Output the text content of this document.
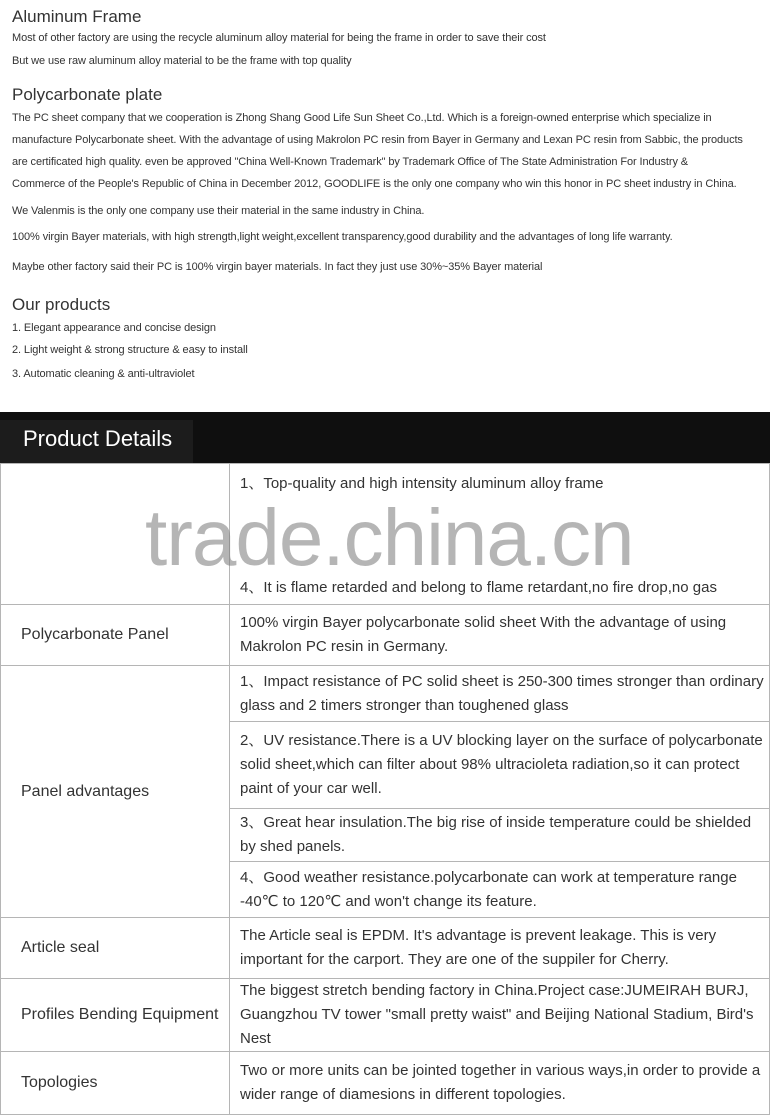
Aluminum Frame
Most of other factory are using the recycle aluminum alloy material for being the frame in order to save their cost
But we use raw aluminum alloy material to be the frame with top quality
Polycarbonate plate
The PC sheet company that we cooperation is Zhong Shang Good Life Sun Sheet Co.,Ltd. Which is a foreign-owned enterprise which specialize in
manufacture Polycarbonate sheet. With the advantage of using Makrolon PC resin from Bayer in Germany and Lexan PC resin from Sabbic, the products
are certificated high quality. even be approved "China Well-Known Trademark" by Trademark Office of The State Administration For Industry &
Commerce of the People's Republic of China in December 2012, GOODLIFE is the only one company who win this honor in PC sheet industry in China.
We Valenmis is the only one company use their material in the same industry in China.
100% virgin Bayer materials, with high strength,light weight,excellent transparency,good durability and the advantages of long life warranty.
Maybe other factory said their PC is 100% virgin bayer materials. In fact they just use 30%~35% Bayer material
Our products
1. Elegant appearance and concise design
2. Light weight & strong structure & easy to install
3. Automatic cleaning & anti-ultraviolet
Product Details

	1、Top-quality and high intensity aluminum alloy frame
4、It is flame retarded and belong to flame retardant,no fire drop,no gas

Polycarbonate Panel	100% virgin Bayer polycarbonate solid sheet With the advantage of using Makrolon PC resin in Germany.
Panel advantages	1、Impact resistance of PC solid sheet is 250-300 times stronger than ordinary glass and 2 timers stronger than toughened glass
	2、UV resistance.There is a UV blocking layer on the surface of polycarbonate solid sheet,which can filter about 98% ultracioleta radiation,so it can protect paint of your car well.
	3、Great hear insulation.The big rise of inside temperature could be shielded by shed panels.
	4、Good weather resistance.polycarbonate can work at temperature range -40℃ to 120℃ and won't change its feature.
Article seal	The Article seal is EPDM. It's advantage is prevent leakage. This is very important for the carport. They are one of the suppiler for Cherry.
Profiles Bending Equipment	The biggest stretch bending factory in China.Project case:JUMEIRAH BURJ, Guangzhou TV tower "small pretty waist" and Beijing National Stadium, Bird's Nest
Topologies	Two or more units can be jointed together in various ways,in order to provide a wider range of diamesions in different topologies.
trade.china.cn
